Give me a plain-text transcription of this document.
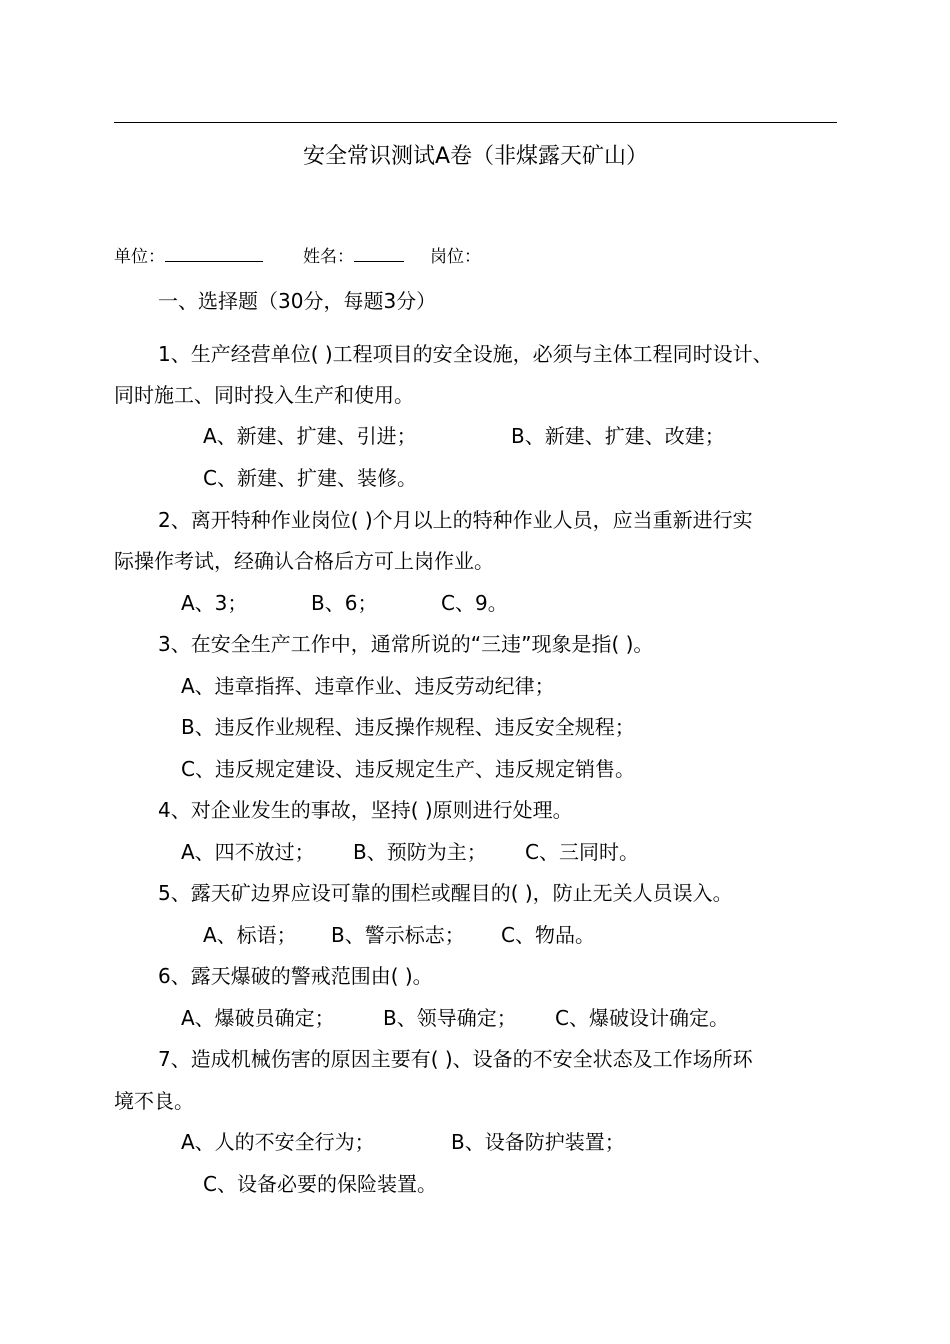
安全常识测试A卷（非煤露天矿山）
单位：	姓名：	岗位：
一、选择题（30分，每题3分）
1、生产经营单位( )工程项目的安全设施，必须与主体工程同时设计、
同时施工、同时投入生产和使用。
A、新建、扩建、引进；	B、新建、扩建、改建；
C、新建、扩建、装修。
2、离开特种作业岗位( )个月以上的特种作业人员，应当重新进行实
际操作考试，经确认合格后方可上岗作业。
A、3；	B、6；	C、9。
3、在安全生产工作中，通常所说的“三违”现象是指( )。
A、违章指挥、违章作业、违反劳动纪律；
B、违反作业规程、违反操作规程、违反安全规程；
C、违反规定建设、违反规定生产、违反规定销售。
4、对企业发生的事故，坚持( )原则进行处理。
A、四不放过； B、预防为主； C、三同时。
5、露天矿边界应设可靠的围栏或醒目的( )，防止无关人员误入。
A、标语； B、警示标志； C、物品。
6、露天爆破的警戒范围由( )。
A、爆破员确定； B、领导确定； C、爆破设计确定。
7、造成机械伤害的原因主要有( )、设备的不安全状态及工作场所环
境不良。
A、人的不安全行为；	B、设备防护装置；
C、设备必要的保险装置。
